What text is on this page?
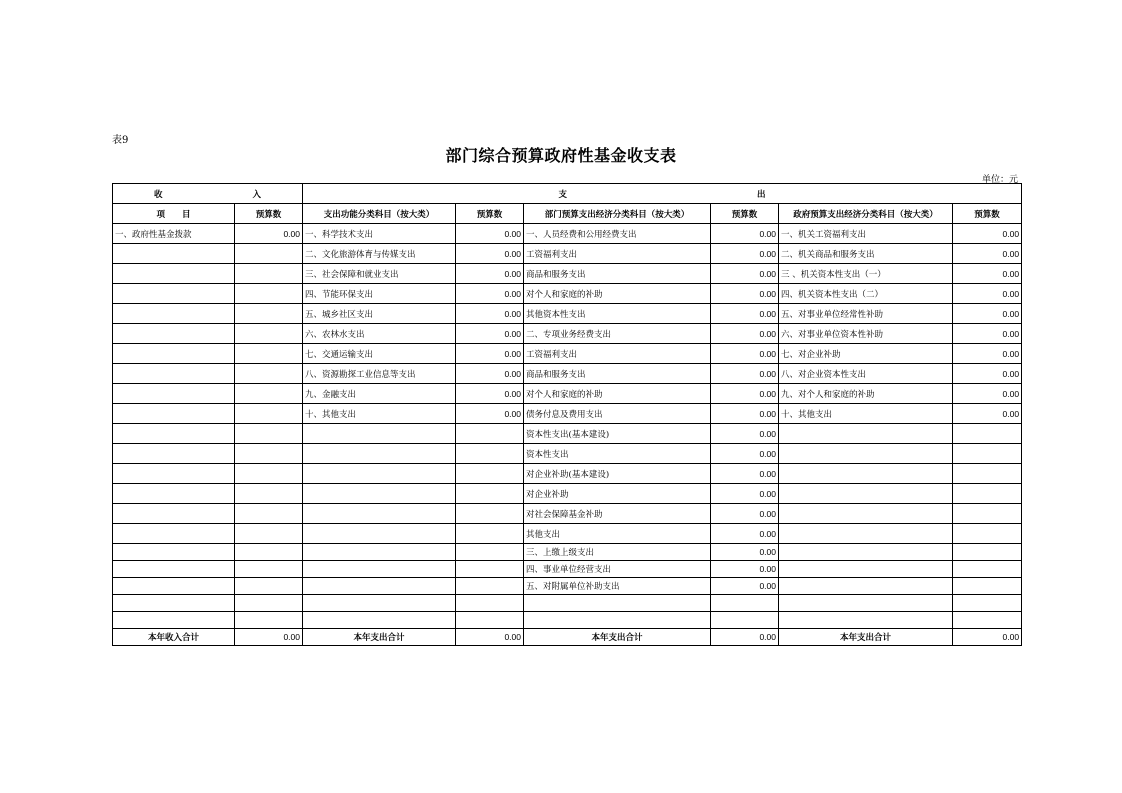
表9
部门综合预算政府性基金收支表
单位：元
收 入		支 出					
项　　目	预算数	支出功能分类科目（按大类）	预算数	部门预算支出经济分类科目（按大类）	预算数	政府预算支出经济分类科目（按大类）	预算数
一、政府性基金拨款	0.00	一、科学技术支出	0.00	一、人员经费和公用经费支出	0.00	一、机关工资福利支出	0.00
		二、文化旅游体育与传媒支出	0.00	工资福利支出	0.00	二、机关商品和服务支出	0.00
		三、社会保障和就业支出	0.00	商品和服务支出	0.00	三 、机关资本性支出（一）	0.00
		四、节能环保支出	0.00	对个人和家庭的补助	0.00	四、机关资本性支出（二）	0.00
		五、城乡社区支出	0.00	其他资本性支出	0.00	五、对事业单位经常性补助	0.00
		六、农林水支出	0.00	二、专项业务经费支出	0.00	六、对事业单位资本性补助	0.00
		七、交通运输支出	0.00	工资福利支出	0.00	七、对企业补助	0.00
		八、资源勘探工业信息等支出	0.00	商品和服务支出	0.00	八、对企业资本性支出	0.00
		九、金融支出	0.00	对个人和家庭的补助	0.00	九、对个人和家庭的补助	0.00
		十、其他支出	0.00	债务付息及费用支出	0.00	十、其他支出	0.00
				资本性支出(基本建设)	0.00		
				资本性支出	0.00		
				对企业补助(基本建设)	0.00		
				对企业补助	0.00		
				对社会保障基金补助	0.00		
				其他支出	0.00		
				三、上缴上级支出	0.00		
				四、事业单位经营支出	0.00		
				五、对附属单位补助支出	0.00		

本年收入合计	0.00	本年支出合计	0.00	本年支出合计	0.00	本年支出合计	0.00
